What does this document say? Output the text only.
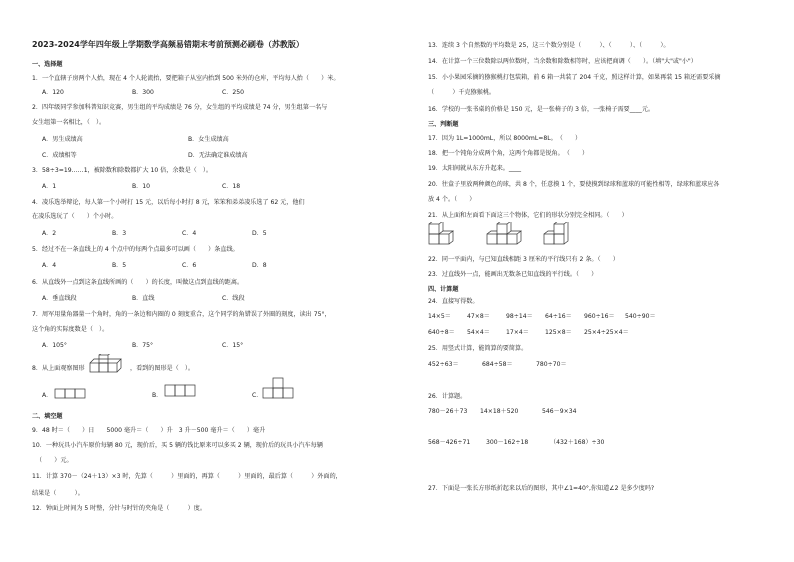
2023-2024学年四年级上学期数学高频易错期末考前预测必刷卷（苏教版）
一、选择题
1．一个直辖子房两个人抬，现在 4 个人轮流抬，要把箱子从室内抬到 500 米外的仓库，平均每人抬（　　）米。
A．120	B．300	C．250
2．四年级同学参加科普知识竞赛，男生组的平均成绩是 76 分，女生组的平均成绩是 74 分，男生组第一名与
女生组第一名相比，（　）。
A．男生成绩高	B．女生成绩高
C．成绩相等	D．无法确定谁成绩高
3．58÷3=19……1，被除数和除数都扩大 10 倍，余数是（　）。
A．1	B．10	C．18
4．凌乐选举辩论，每人第一个小时打 15 元，以后每小时打 8 元，笨笨和弟弟凌乐选了 62 元，他们
在凌乐选玩了（　　）个小时。
A．2	B．3	C．4	D．5
5．经过不在一条直线上的 4 个点中的每两个点最多可以画（　　）条直线。
A．4	B．5	C．6	D．8
6．从直线外一点到这条直线所画的（　　）的长度，叫做这点到直线的距离。
A．垂直线段	B．直线	C．线段
7．周军用量角器量一个角时，角的一条边和内圈的 0 刻度重合，这个同学的角错误了外圈的刻度，读出 75°，
这个角的实际度数是（　）。
A．105°	B．75°	C．15°
8．从上面观察图形	，看到的图形是（　）。
A．	B．	C．
二、填空题
9．48 时＝（　　）日　　5000 毫升＝（　　）升　3 升－500 毫升＝（　　）毫升
10．一种玩具小汽车原价每辆 80 元，现价后，买 5 辆的钱比原来可以多买 2 辆，现价后的玩具小汽车每辆
（　　）元。
11．计算 370－（24＋13）×3 时，先算（　　　）里面的，再算（　　　）里面的，最后算（　　　）外面的，
结果是（　　　）。
12．钟面上时间为 5 时整，分针与时针的夹角是（　　　）度。
13．连续 3 个自然数的平均数是 25，这三个数分别是（　　　）、（　　　）、（　　　）。
14．在计算一个三位数除以两位数时，当余数和除数相等时，应该把商调（　　）。（填"大"或"小"）
15．小小果园采摘的猕猴桃打包装箱，前 6 箱一共装了 204 千克，照这样计算，如果再装 15 箱还需要采摘
（　　　）千克猕猴桃。
16．学校的一张书桌的价格是 150 元，是一张椅子的 3 倍，一张椅子需要____元。
三、判断题
17．因为 1L=1000mL，所以 8000mL=8L。　（　　）
18．把一个钝角分成两个角，这两个角都是锐角。　（　　）
19．太阳间就从东方升起来。____
20．往盒子里放两种颜色的球，共 8 个，任意摸 1 个，要使摸到绿球和蓝球的可能性相等，绿球和蓝球应各
放 4 个。（　　）
21．从上面和左面看下面这三个物体，它们的形状分别完全相同。（　　）
22．同一平面内，与已知直线相距 3 厘米的平行线只有 2 条。（　　）
23．过直线外一点，能画出无数条已知直线的平行线。（　　）
四、计算题
24．直接写得数。
14×5＝	47×8＝	98÷14＝ 64÷16＝ 960÷16＝ 540÷90＝
640÷8＝ 54×4＝	17×4＝	125×8＝ 25×4÷25×4＝
25．用竖式计算，能简算的要简算。
452÷63＝	684÷58＝	780÷70＝
26．计算题。
780－26＋73 14×18＋520	546－9×34
568－426÷71	300－162÷18	（432＋168）÷30
27．下面是一张长方形纸折起来以后的图形，其中∠1=40°,你知道∠2 是多少度吗?
